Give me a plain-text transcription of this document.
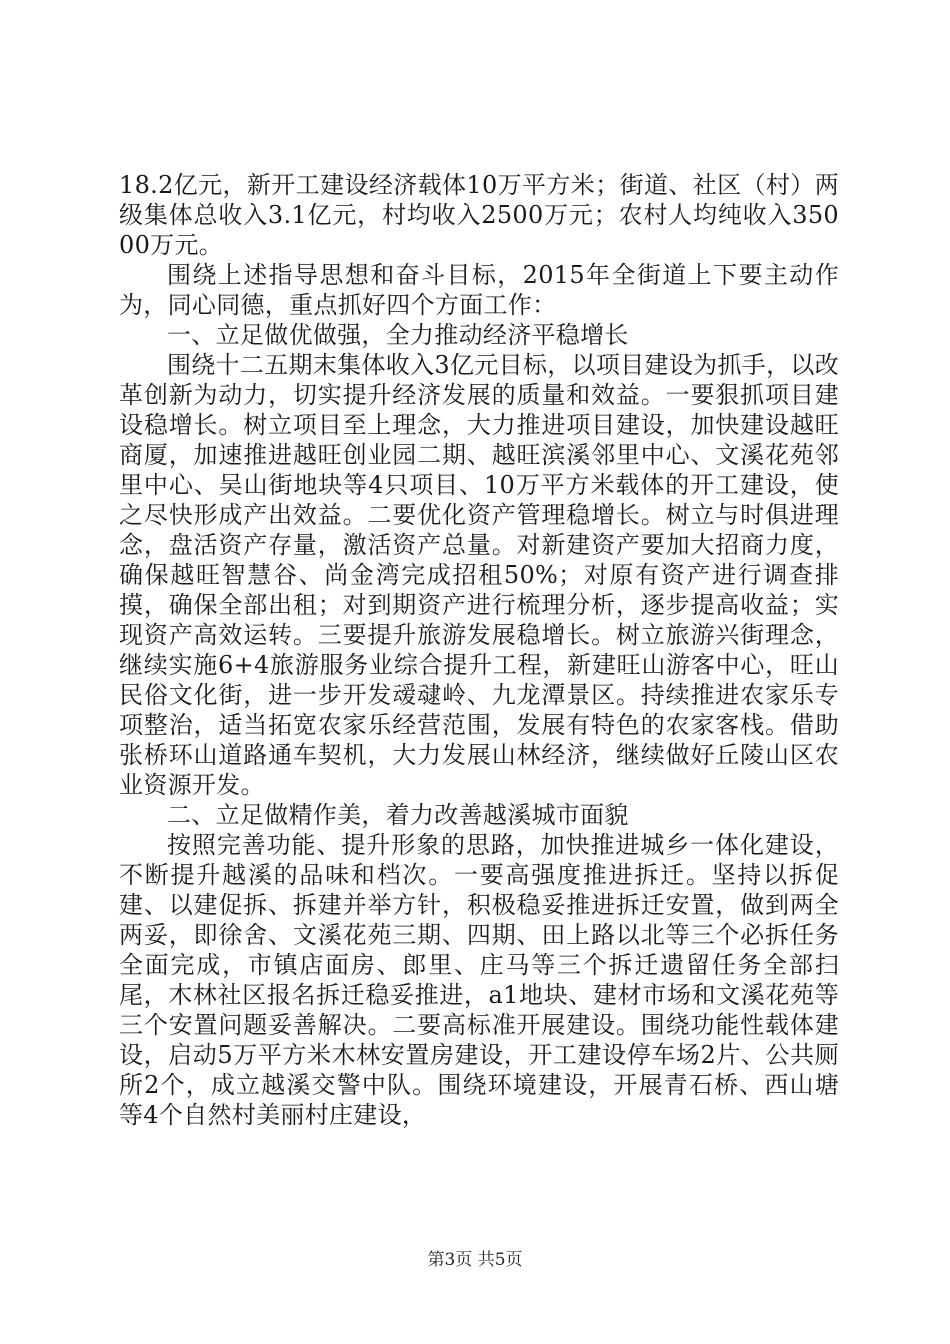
18.2亿元，新开工建设经济载体10万平方米；街道、社区（村）两级集体总收入3.1亿元，村均收入2500万元；农村人均纯收入35000万元。

围绕上述指导思想和奋斗目标，2015年全街道上下要主动作为，同心同德，重点抓好四个方面工作：

一、立足做优做强，全力推动经济平稳增长

围绕十二五期末集体收入3亿元目标，以项目建设为抓手，以改革创新为动力，切实提升经济发展的质量和效益。一要狠抓项目建设稳增长。树立项目至上理念，大力推进项目建设，加快建设越旺商厦，加速推进越旺创业园二期、越旺滨溪邻里中心、文溪花苑邻里中心、吴山街地块等4只项目、10万平方米载体的开工建设，使之尽快形成产出效益。二要优化资产管理稳增长。树立与时俱进理念，盘活资产存量，激活资产总量。对新建资产要加大招商力度，确保越旺智慧谷、尚金湾完成招租50%；对原有资产进行调查排摸，确保全部出租；对到期资产进行梳理分析，逐步提高收益；实现资产高效运转。三要提升旅游发展稳增长。树立旅游兴街理念，继续实施6+4旅游服务业综合提升工程，新建旺山游客中心，旺山民俗文化街，进一步开发叆叇岭、九龙潭景区。持续推进农家乐专项整治，适当拓宽农家乐经营范围，发展有特色的农家客栈。借助张桥环山道路通车契机，大力发展山林经济，继续做好丘陵山区农业资源开发。

二、立足做精作美，着力改善越溪城市面貌

按照完善功能、提升形象的思路，加快推进城乡一体化建设，不断提升越溪的品味和档次。一要高强度推进拆迁。坚持以拆促建、以建促拆、拆建并举方针，积极稳妥推进拆迁安置，做到两全两妥，即徐舍、文溪花苑三期、四期、田上路以北等三个必拆任务全面完成，市镇店面房、郎里、庄马等三个拆迁遗留任务全部扫尾，木林社区报名拆迁稳妥推进，a1地块、建材市场和文溪花苑等三个安置问题妥善解决。二要高标准开展建设。围绕功能性载体建设，启动5万平方米木林安置房建设，开工建设停车场2片、公共厕所2个，成立越溪交警中队。围绕环境建设，开展青石桥、西山塘等4个自然村美丽村庄建设，

第3页 共5页
